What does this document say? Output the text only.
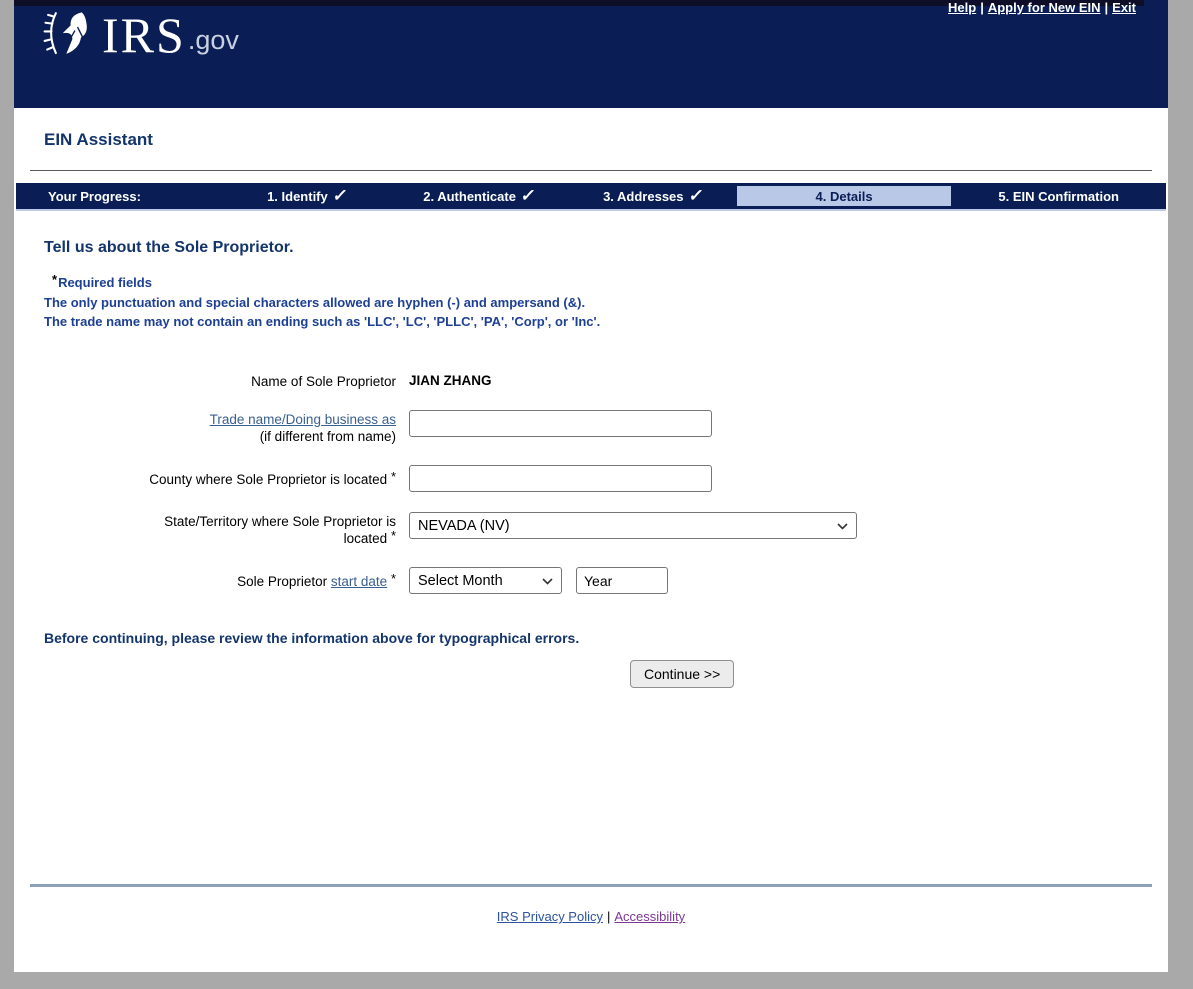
IRS .gov
Help | Apply for New EIN | Exit
EIN Assistant
Your Progress:	1. Identify ✓	2. Authenticate ✓	3. Addresses ✓	4. Details	5. EIN Confirmation
Tell us about the Sole Proprietor.
*Required fields
The only punctuation and special characters allowed are hyphen (-) and ampersand (&).
The trade name may not contain an ending such as 'LLC', 'LC', 'PLLC', 'PA', 'Corp', or 'Inc'.
Name of Sole Proprietor JIAN ZHANG
Trade name/Doing business as
(if different from name)
County where Sole Proprietor is located *
State/Territory where Sole Proprietor is
located *
NEVADA (NV)
Sole Proprietor start date * Select Month
Year
Before continuing, please review the information above for typographical errors.
Continue >>
IRS Privacy Policy | Accessibility
